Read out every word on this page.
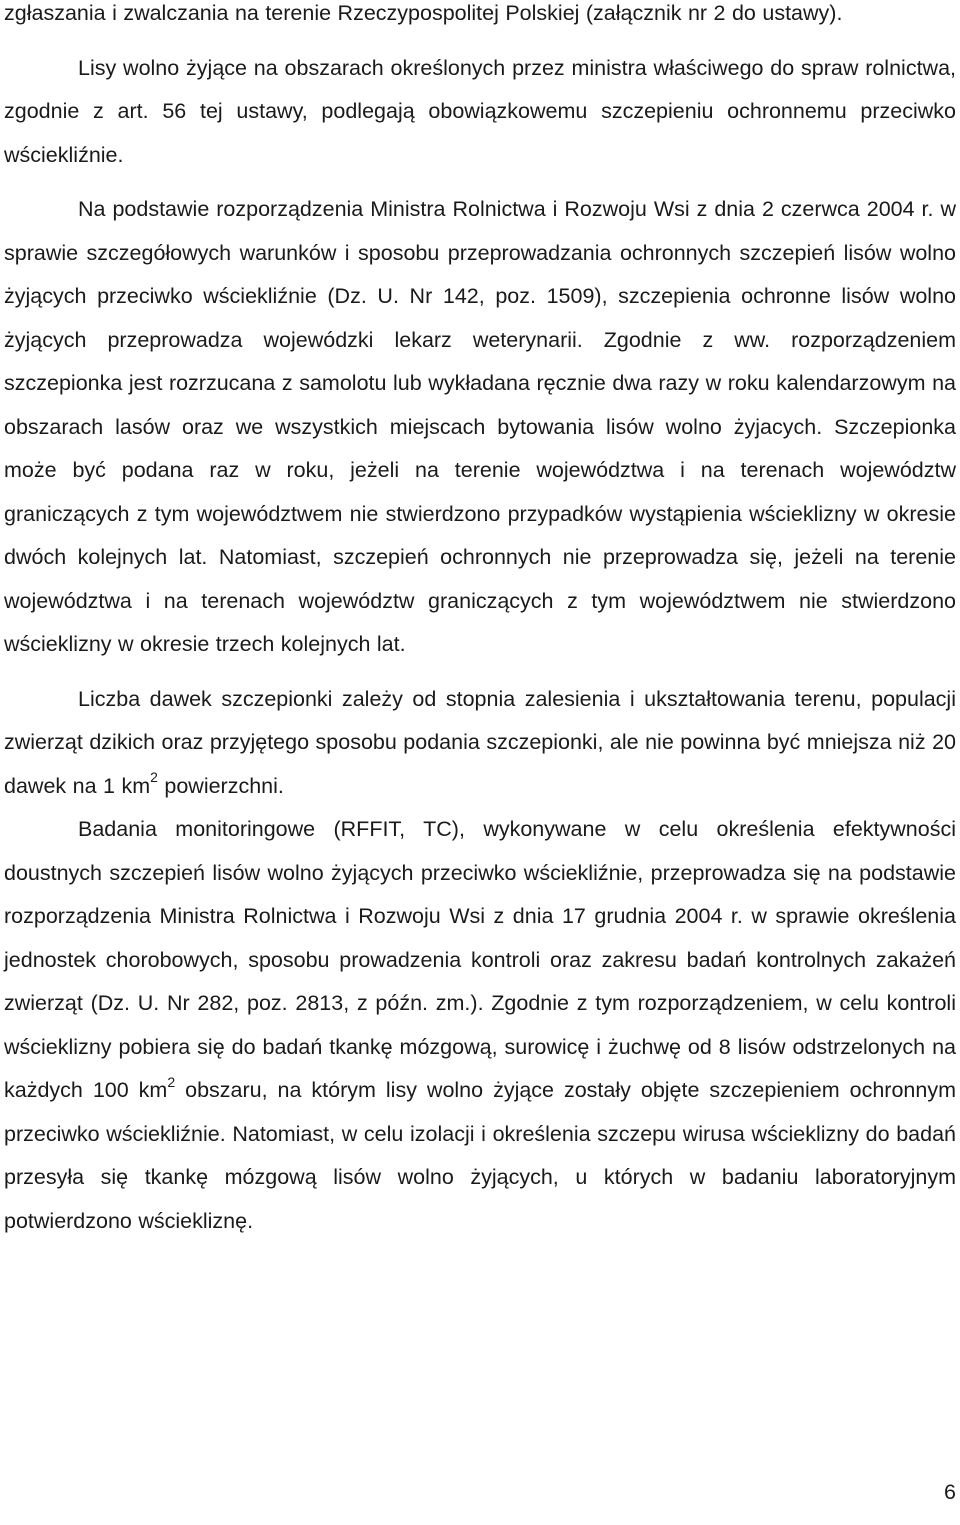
zgłaszania i zwalczania na terenie Rzeczypospolitej Polskiej (załącznik nr 2 do ustawy).

Lisy wolno żyjące na obszarach określonych przez ministra właściwego do spraw rolnictwa, zgodnie z art. 56 tej ustawy, podlegają obowiązkowemu szczepieniu ochronnemu przeciwko wściekliźnie.

Na podstawie rozporządzenia Ministra Rolnictwa i Rozwoju Wsi z dnia 2 czerwca 2004 r. w sprawie szczegółowych warunków i sposobu przeprowadzania ochronnych szczepień lisów wolno żyjących przeciwko wściekliźnie (Dz. U. Nr 142, poz. 1509), szczepienia ochronne lisów wolno żyjących przeprowadza wojewódzki lekarz weterynarii. Zgodnie z ww. rozporządzeniem szczepionka jest rozrzucana z samolotu lub wykładana ręcznie dwa razy w roku kalendarzowym na obszarach lasów oraz we wszystkich miejscach bytowania lisów wolno żyjacych. Szczepionka może być podana raz w roku, jeżeli na terenie województwa i na terenach województw graniczących z tym województwem nie stwierdzono przypadków wystąpienia wścieklizny w okresie dwóch kolejnych lat. Natomiast, szczepień ochronnych nie przeprowadza się, jeżeli na terenie województwa i na terenach województw graniczących z tym województwem nie stwierdzono wścieklizny w okresie trzech kolejnych lat.

Liczba dawek szczepionki zależy od stopnia zalesienia i ukształtowania terenu, populacji zwierząt dzikich oraz przyjętego sposobu podania szczepionki, ale nie powinna być mniejsza niż 20 dawek na 1 $km^2$ powierzchni.

Badania monitoringowe (RFFIT, TC), wykonywane w celu określenia efektywności doustnych szczepień lisów wolno żyjących przeciwko wściekliźnie, przeprowadza się na podstawie rozporządzenia Ministra Rolnictwa i Rozwoju Wsi z dnia 17 grudnia 2004 r. w sprawie określenia jednostek chorobowych, sposobu prowadzenia kontroli oraz zakresu badań kontrolnych zakażeń zwierząt (Dz. U. Nr 282, poz. 2813, z późn. zm.). Zgodnie z tym rozporządzeniem, w celu kontroli wścieklizny pobiera się do badań tkankę mózgową, surowicę i żuchwę od 8 lisów odstrzelonych na każdych 100 $km^2$ obszaru, na którym lisy wolno żyjące zostały objęte szczepieniem ochronnym przeciwko wściekliźnie. Natomiast, w celu izolacji i określenia szczepu wirusa wścieklizny do badań przesyła się tkankę mózgową lisów wolno żyjących, u których w badaniu laboratoryjnym potwierdzono wściekliznę.

6
